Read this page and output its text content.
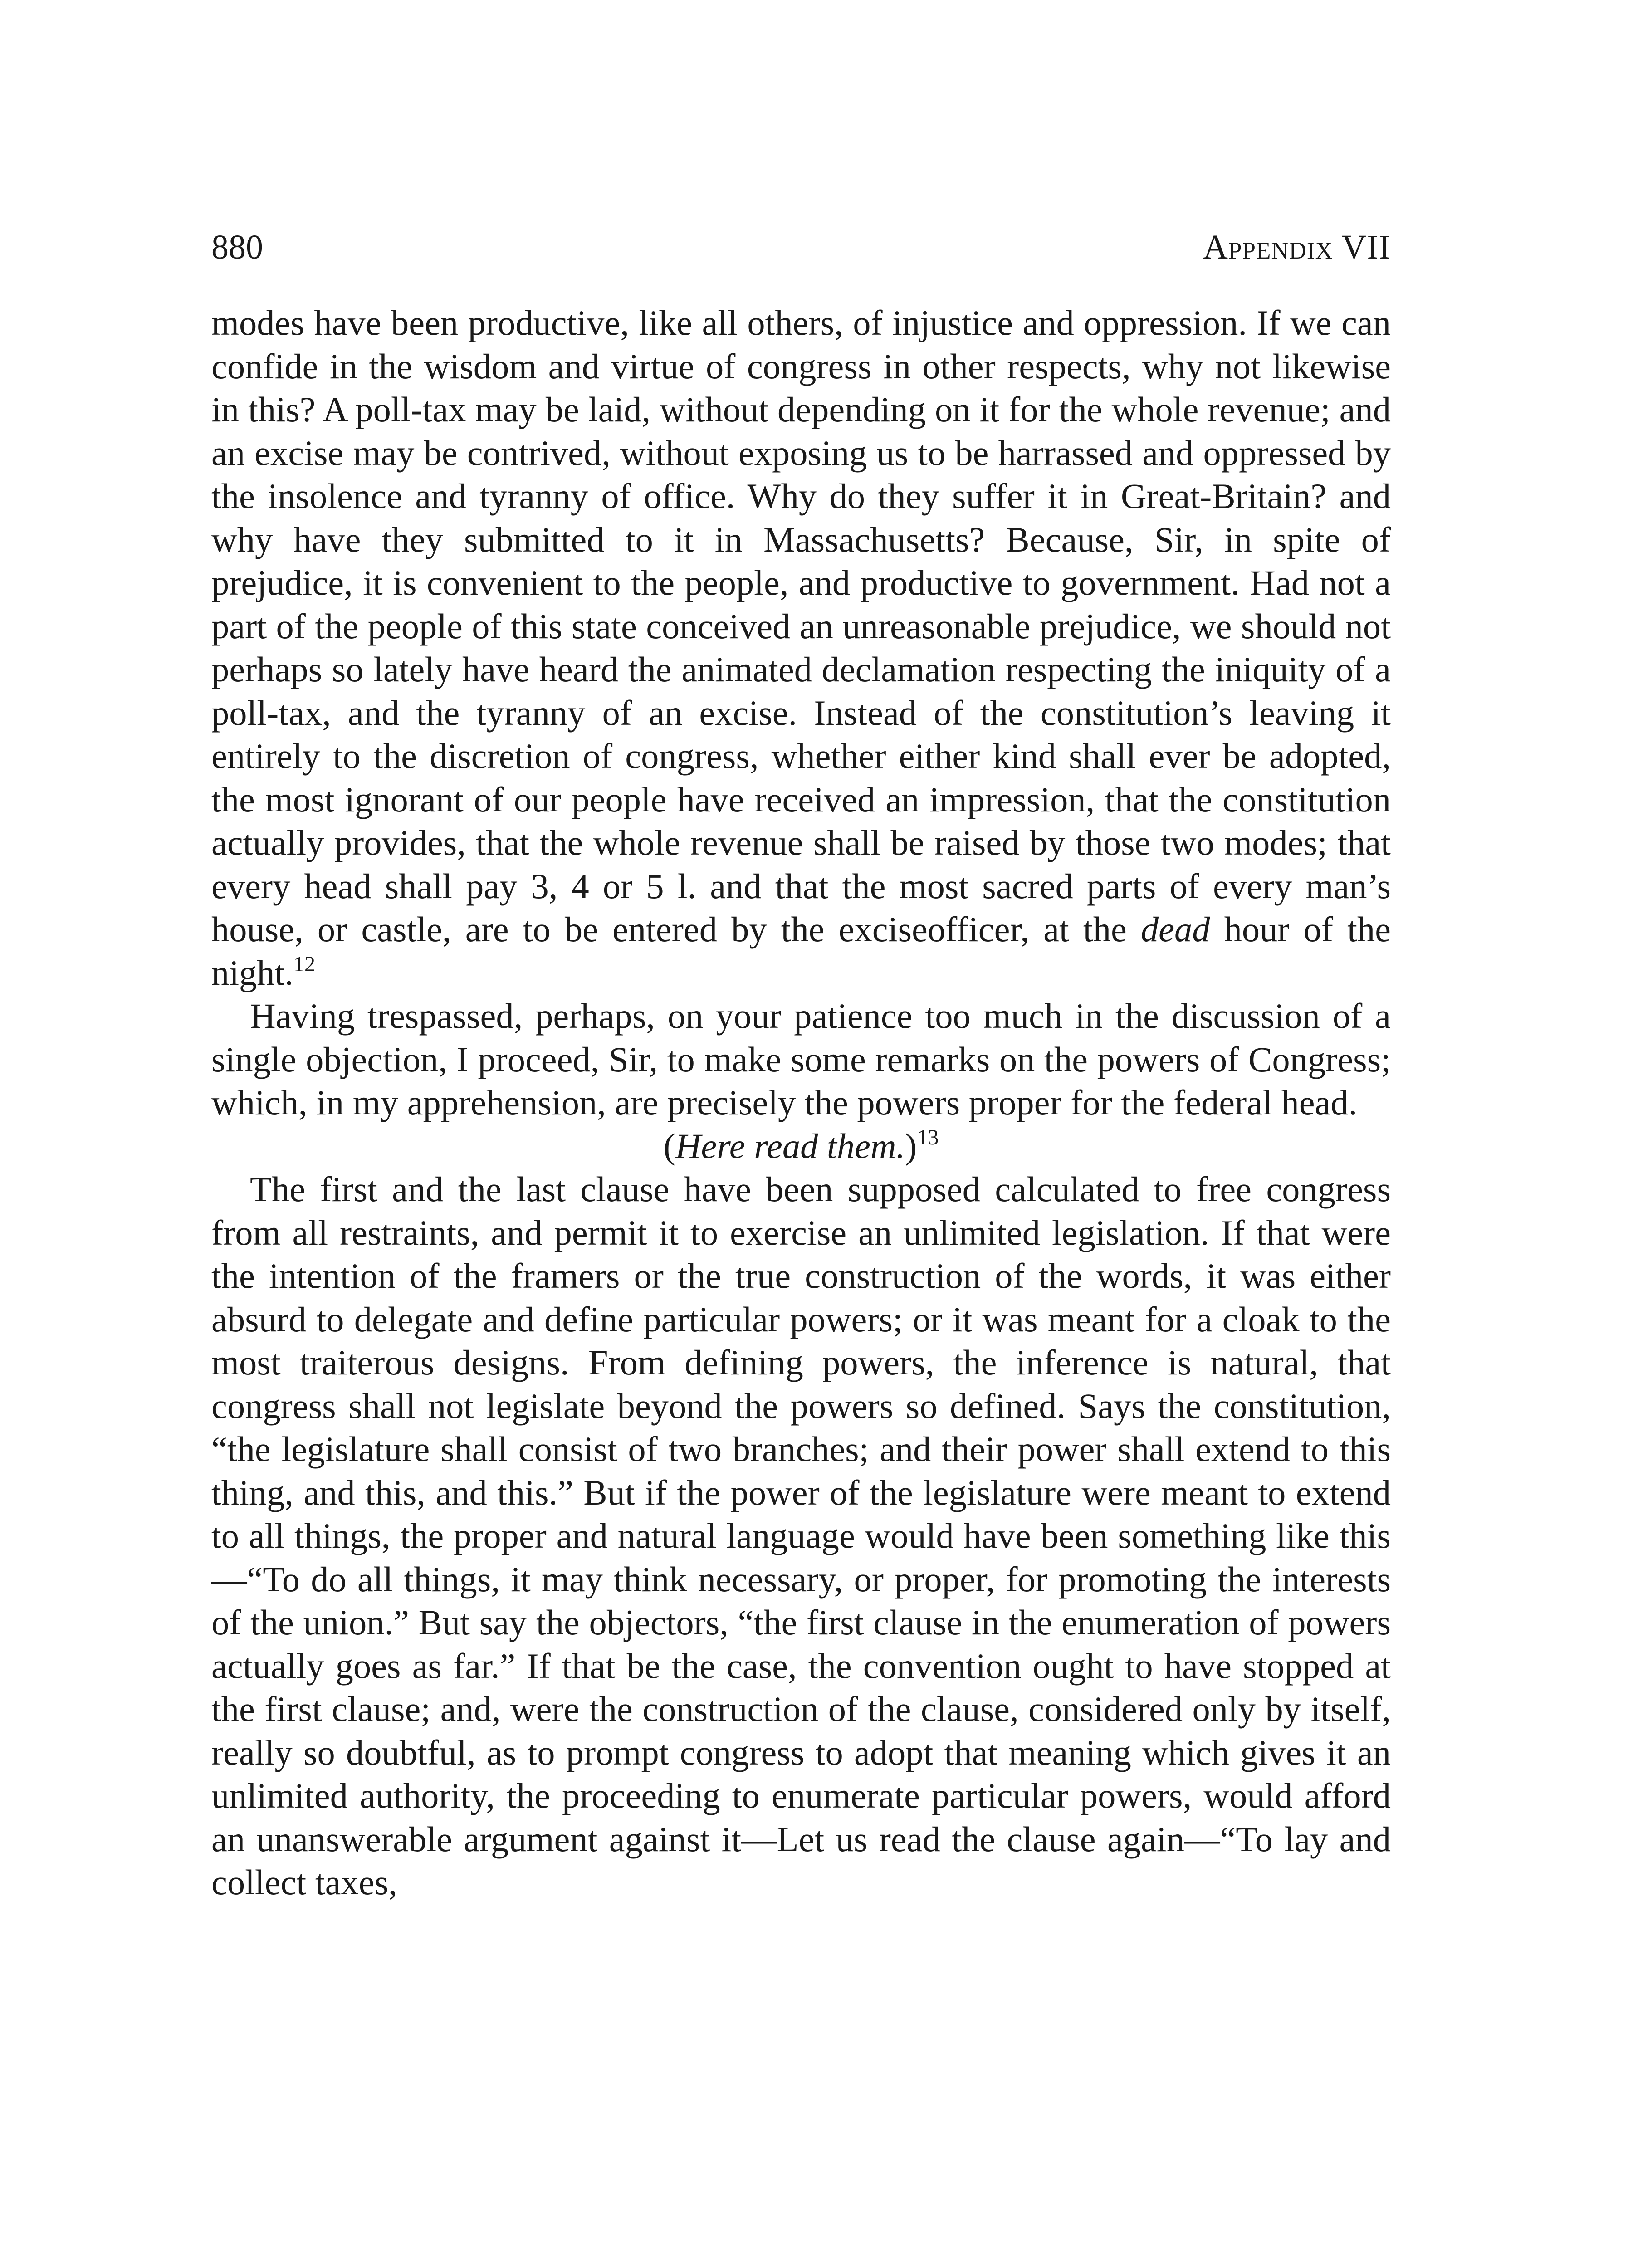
880	Appendix VII

modes have been productive, like all others, of injustice and oppression. If we can confide in the wisdom and virtue of congress in other respects, why not likewise in this? A poll-tax may be laid, without depending on it for the whole revenue; and an excise may be contrived, without exposing us to be harrassed and oppressed by the insolence and tyranny of office. Why do they suffer it in Great-Britain? and why have they submitted to it in Massachusetts? Because, Sir, in spite of prejudice, it is convenient to the people, and productive to government. Had not a part of the people of this state conceived an unreasonable prejudice, we should not perhaps so lately have heard the animated declamation respecting the iniquity of a poll-tax, and the tyranny of an excise. Instead of the constitution’s leaving it entirely to the discretion of congress, whether either kind shall ever be adopted, the most ignorant of our people have received an impression, that the constitution actually provides, that the whole revenue shall be raised by those two modes; that every head shall pay 3, 4 or 5 l. and that the most sacred parts of every man’s house, or castle, are to be entered by the exciseofficer, at the dead hour of the night.$^{12}$

Having trespassed, perhaps, on your patience too much in the discussion of a single objection, I proceed, Sir, to make some remarks on the powers of Congress; which, in my apprehension, are precisely the powers proper for the federal head.

(Here read them.)$^{13}$

The first and the last clause have been supposed calculated to free congress from all restraints, and permit it to exercise an unlimited legislation. If that were the intention of the framers or the true construction of the words, it was either absurd to delegate and define particular powers; or it was meant for a cloak to the most traiterous designs. From defining powers, the inference is natural, that congress shall not legislate beyond the powers so defined. Says the constitution, “the legislature shall consist of two branches; and their power shall extend to this thing, and this, and this.” But if the power of the legislature were meant to extend to all things, the proper and natural language would have been something like this—“To do all things, it may think necessary, or proper, for promoting the interests of the union.” But say the objectors, “the first clause in the enumeration of powers actually goes as far.” If that be the case, the convention ought to have stopped at the first clause; and, were the construction of the clause, considered only by itself, really so doubtful, as to prompt congress to adopt that meaning which gives it an unlimited authority, the proceeding to enumerate particular powers, would afford an unanswerable argument against it—Let us read the clause again—“To lay and collect taxes,
